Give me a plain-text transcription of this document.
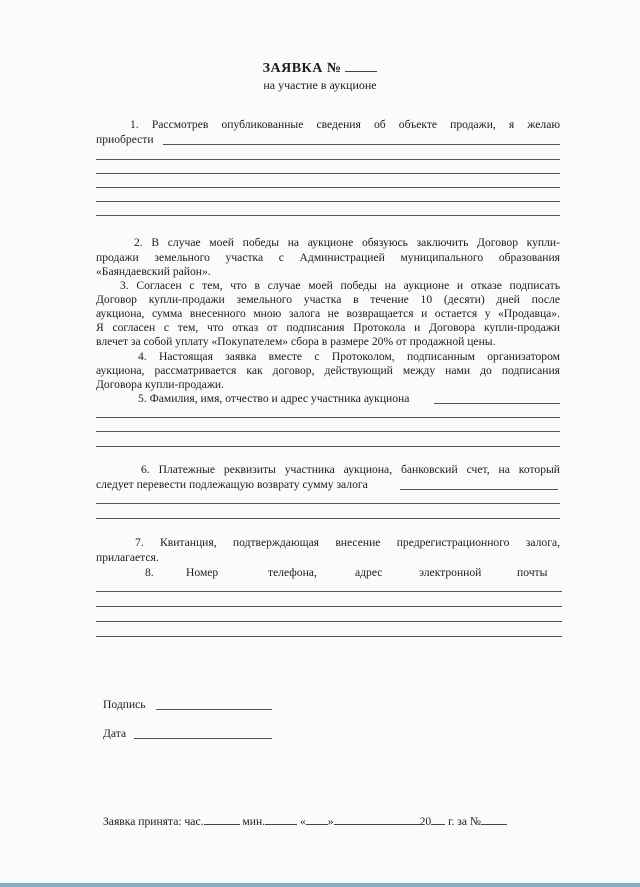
ЗАЯВКА №
на участие в аукционе
1. Рассмотрев опубликованные сведения об объекте продажи, я желаю
приобрести
2. В случае моей победы на аукционе обязуюсь заключить Договор купли-
продажи земельного участка с Администрацией муниципального образования
«Баяндаевский район».
3. Согласен с тем, что в случае моей победы на аукционе и отказе подписать
Договор купли-продажи земельного участка в течение 10 (десяти) дней после
аукциона, сумма внесенного мною залога не возвращается и остается у «Продавца».
Я согласен с тем, что отказ от подписания Протокола и Договора купли-продажи
влечет за собой уплату «Покупателем» сбора в размере 20% от продажной цены.
4. Настоящая заявка вместе с Протоколом, подписанным организатором
аукциона, рассматривается как договор, действующий между нами до подписания
Договора купли-продажи.
5. Фамилия, имя, отчество и адрес участника аукциона
6. Платежные реквизиты участника аукциона, банковский счет, на который
следует перевести подлежащую возврату сумму залога
7. Квитанция, подтверждающая внесение предрегистрационного залога,
прилагается.
8.	Номер	телефона,	адрес	электронной	почты
Подпись
Дата
Заявка принята: час.	мин.	« »	20 г. за №
